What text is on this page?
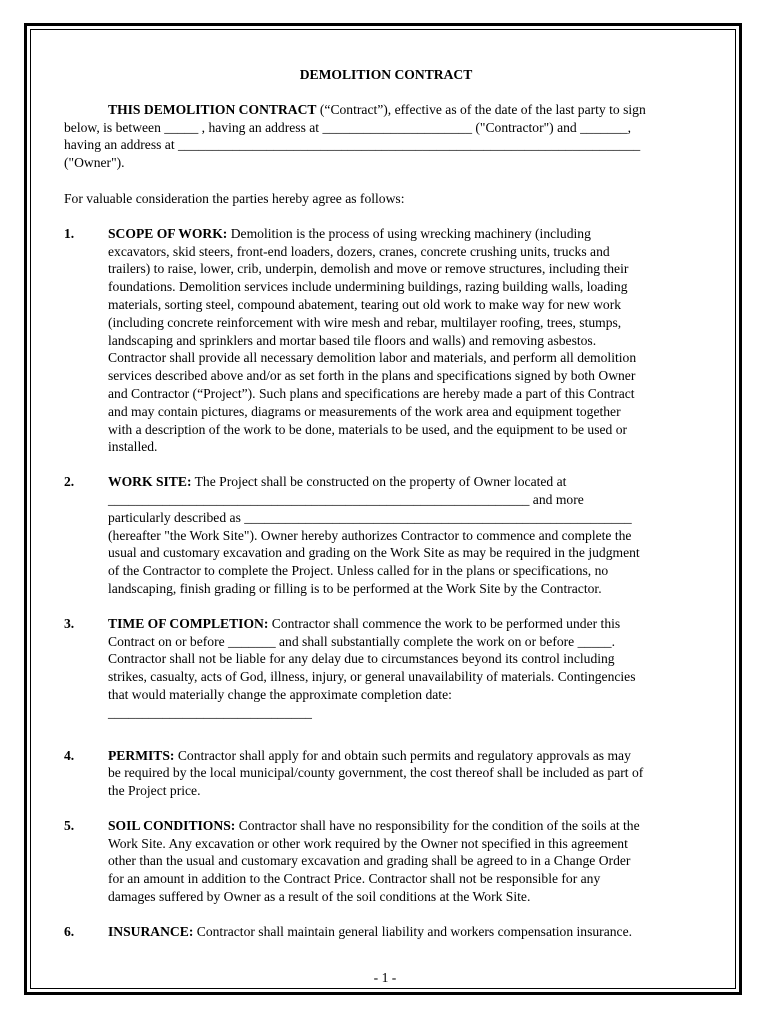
DEMOLITION CONTRACT
THIS DEMOLITION CONTRACT (“Contract”), effective as of the date of the last party to sign
below, is between _____ , having an address at ______________________ ("Contractor") and _______,
having an address at ____________________________________________________________________
("Owner").
For valuable consideration the parties hereby agree as follows:
1. SCOPE OF WORK: Demolition is the process of using wrecking machinery (including
excavators, skid steers, front-end loaders, dozers, cranes, concrete crushing units, trucks and
trailers) to raise, lower, crib, underpin, demolish and move or remove structures, including their
foundations. Demolition services include undermining buildings, razing building walls, loading
materials, sorting steel, compound abatement, tearing out old work to make way for new work
(including concrete reinforcement with wire mesh and rebar, multilayer roofing, trees, stumps,
landscaping and sprinklers and mortar based tile floors and walls) and removing asbestos.
Contractor shall provide all necessary demolition labor and materials, and perform all demolition
services described above and/or as set forth in the plans and specifications signed by both Owner
and Contractor (“Project”). Such plans and specifications are hereby made a part of this Contract
and may contain pictures, diagrams or measurements of the work area and equipment together
with a description of the work to be done, materials to be used, and the equipment to be used or
installed.
2. WORK SITE: The Project shall be constructed on the property of Owner located at
______________________________________________________________ and more
particularly described as _________________________________________________________
(hereafter "the Work Site"). Owner hereby authorizes Contractor to commence and complete the
usual and customary excavation and grading on the Work Site as may be required in the judgment
of the Contractor to complete the Project. Unless called for in the plans or specifications, no
landscaping, finish grading or filling is to be performed at the Work Site by the Contractor.
3. TIME OF COMPLETION: Contractor shall commence the work to be performed under this
Contract on or before _______ and shall substantially complete the work on or before _____.
Contractor shall not be liable for any delay due to circumstances beyond its control including
strikes, casualty, acts of God, illness, injury, or general unavailability of materials. Contingencies
that would materially change the approximate completion date:
______________________________
4. PERMITS: Contractor shall apply for and obtain such permits and regulatory approvals as may
be required by the local municipal/county government, the cost thereof shall be included as part of
the Project price.
5. SOIL CONDITIONS: Contractor shall have no responsibility for the condition of the soils at the
Work Site. Any excavation or other work required by the Owner not specified in this agreement
other than the usual and customary excavation and grading shall be agreed to in a Change Order
for an amount in addition to the Contract Price. Contractor shall not be responsible for any
damages suffered by Owner as a result of the soil conditions at the Work Site.
6. INSURANCE: Contractor shall maintain general liability and workers compensation insurance.
- 1 -
